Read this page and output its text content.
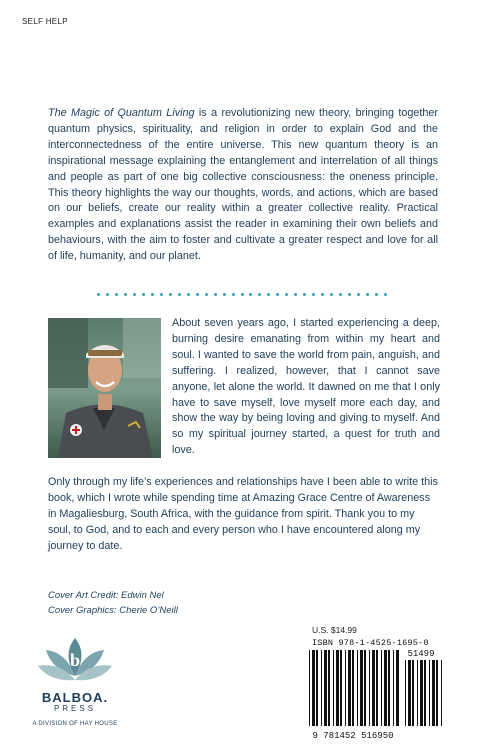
SELF HELP
The Magic of Quantum Living is a revolutionizing new theory, bringing together quantum physics, spirituality, and religion in order to explain God and the interconnectedness of the entire universe. This new quantum theory is an inspirational message explaining the entanglement and interrelation of all things and people as part of one big collective consciousness: the oneness principle. This theory highlights the way our thoughts, words, and actions, which are based on our beliefs, create our reality within a greater collective reality. Practical examples and explanations assist the reader in examining their own beliefs and behaviours, with the aim to foster and cultivate a greater respect and love for all of life, humanity, and our planet.
About seven years ago, I started experiencing a deep, burning desire emanating from within my heart and soul. I wanted to save the world from pain, anguish, and suffering. I realized, however, that I cannot save anyone, let alone the world. It dawned on me that I only have to save myself, love myself more each day, and show the way by being loving and giving to myself. And so my spiritual journey started, a quest for truth and love.
Only through my life’s experiences and relationships have I been able to write this book, which I wrote while spending time at Amazing Grace Centre of Awareness in Magaliesburg, South Africa, with the guidance from spirit. Thank you to my soul, to God, and to each and every person who I have encountered along my journey to date.
Cover Art Credit: Edwin Nel
Cover Graphics: Cherie O’Neill
b
BALBOA.
PRESS
A DIVISION OF HAY HOUSE
U.S. $14.99
ISBN 978-1-4525-1695-0
51499
9 781452 516950
